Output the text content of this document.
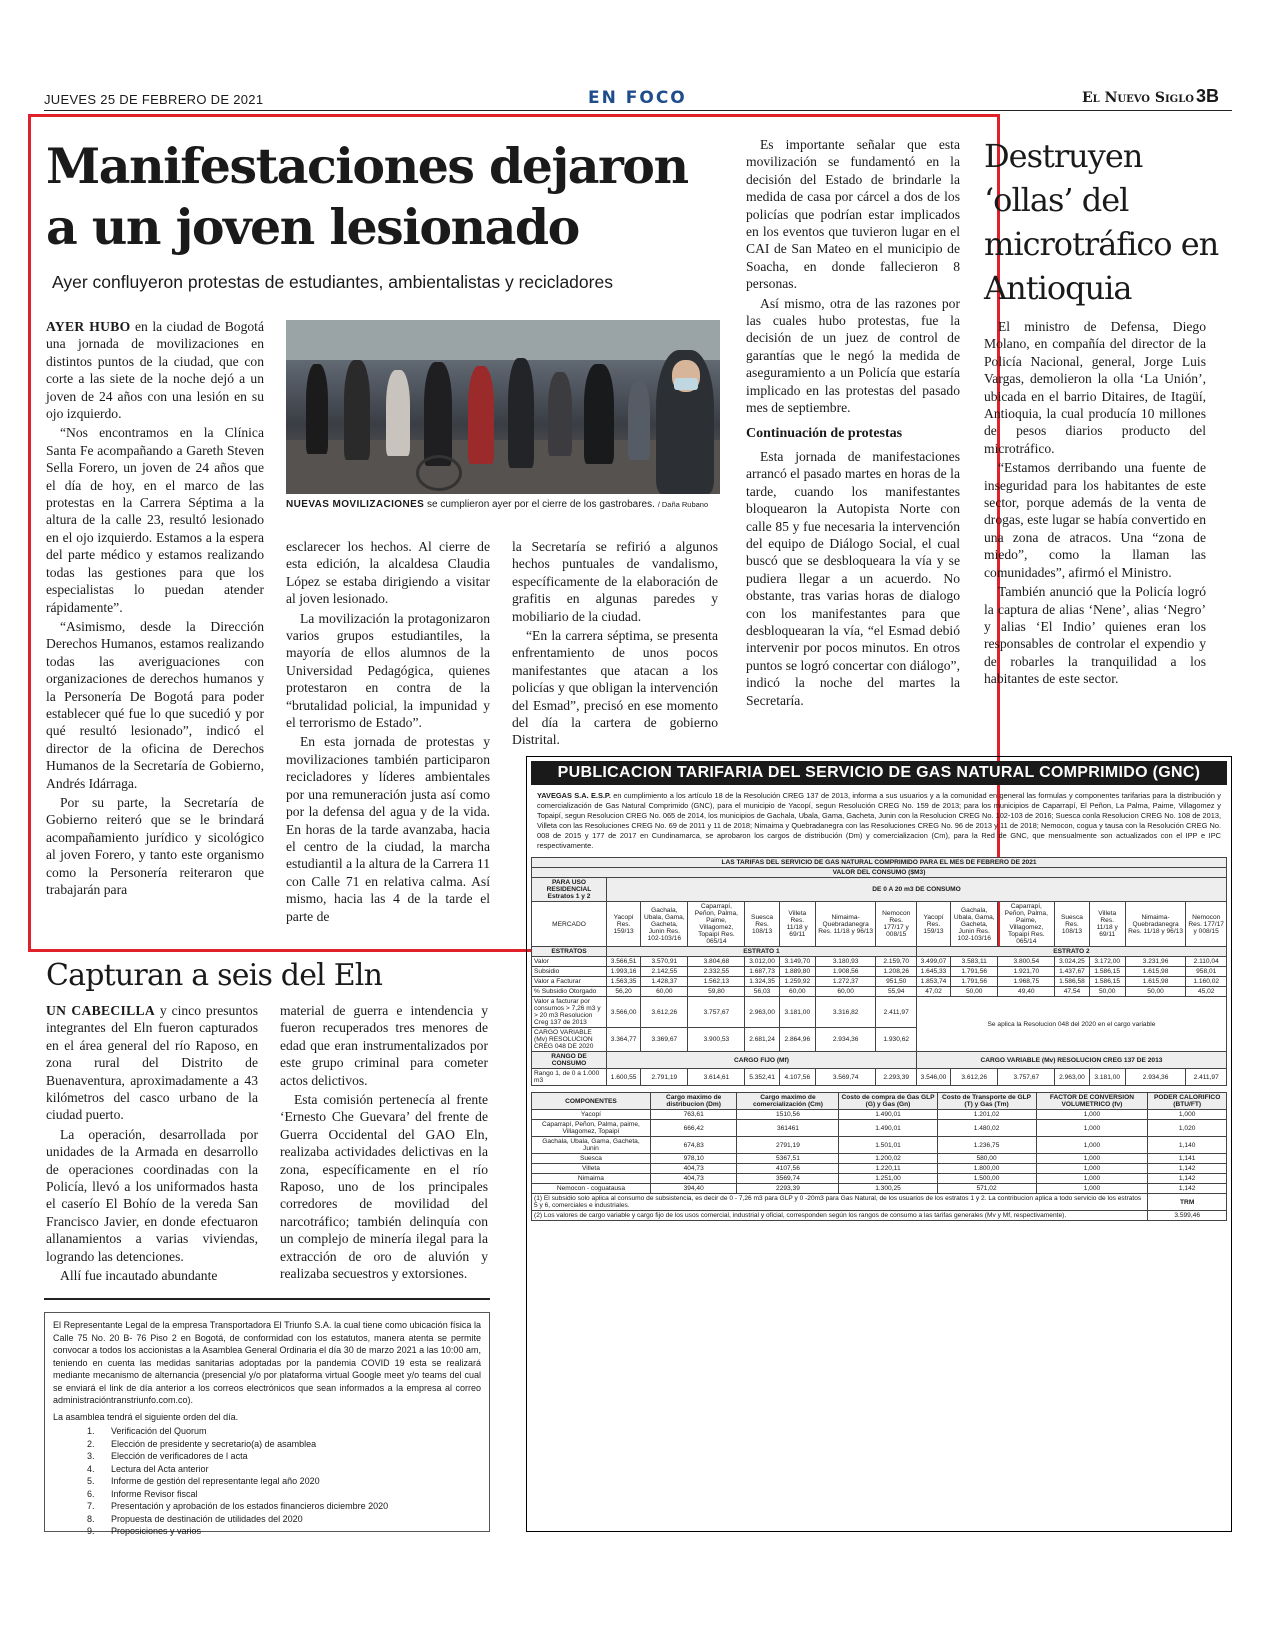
JUEVES 25 DE FEBRERO DE 2021	EN FOCO	El Nuevo Siglo 3B
Manifestaciones dejaron
a un joven lesionado
Ayer confluyeron protestas de estudiantes, ambientalistas y recicladores

AYER HUBO en la ciudad de Bogotá una jornada de movilizaciones en distintos puntos de la ciudad, que con corte a las siete de la noche dejó a un joven de 24 años con una lesión en su ojo izquierdo.

“Nos encontramos en la Clínica Santa Fe acompañando a Gareth Steven Sella Forero, un joven de 24 años que el día de hoy, en el marco de las protestas en la Carrera Séptima a la altura de la calle 23, resultó lesionado en el ojo izquierdo. Estamos a la espera del parte médico y estamos realizando todas las gestiones para que los especialistas lo puedan atender rápidamente”.

“Asimismo, desde la Dirección Derechos Humanos, estamos realizando todas las averiguaciones con organizaciones de derechos humanos y la Personería De Bogotá para poder establecer qué fue lo que sucedió y por qué resultó lesionado”, indicó el director de la oficina de Derechos Humanos de la Secretaría de Gobierno, Andrés Idárraga.

Por su parte, la Secretaría de Gobierno reiteró que se le brindará acompañamiento jurídico y sicológico al joven Forero, y tanto este organismo como la Personería reiteraron que trabajarán para

NUEVAS MOVILIZACIONES se cumplieron ayer por el cierre de los gastrobares. / Daña Rubano

esclarecer los hechos. Al cierre de esta edición, la alcaldesa Claudia López se estaba dirigiendo a visitar al joven lesionado.

La movilización la protagonizaron varios grupos estudiantiles, la mayoría de ellos alumnos de la Universidad Pedagógica, quienes protestaron en contra de la “brutalidad policial, la impunidad y el terrorismo de Estado”.

En esta jornada de protestas y movilizaciones también participaron recicladores y líderes ambientales por una remuneración justa así como por la defensa del agua y de la vida. En horas de la tarde avanzaba, hacia el centro de la ciudad, la marcha estudiantil a la altura de la Carrera 11 con Calle 71 en relativa calma. Así mismo, hacia las 4 de la tarde el parte de

la Secretaría se refirió a algunos hechos puntuales de vandalismo, específicamente de la elaboración de grafitis en algunas paredes y mobiliario de la ciudad.

“En la carrera séptima, se presenta enfrentamiento de unos pocos manifestantes que atacan a los policías y que obligan la intervención del Esmad”, precisó en ese momento del día la cartera de gobierno Distrital.

Es importante señalar que esta movilización se fundamentó en la decisión del Estado de brindarle la medida de casa por cárcel a dos de los policías que podrían estar implicados en los eventos que tuvieron lugar en el CAI de San Mateo en el municipio de Soacha, en donde fallecieron 8 personas.

Así mismo, otra de las razones por las cuales hubo protestas, fue la decisión de un juez de control de garantías que le negó la medida de aseguramiento a un Policía que estaría implicado en las protestas del pasado mes de septiembre.

Continuación de protestas

Esta jornada de manifestaciones arrancó el pasado martes en horas de la tarde, cuando los manifestantes bloquearon la Autopista Norte con calle 85 y fue necesaria la intervención del equipo de Diálogo Social, el cual buscó que se desbloqueara la vía y se pudiera llegar a un acuerdo. No obstante, tras varias horas de dialogo con los manifestantes para que desbloquearan la vía, “el Esmad debió intervenir por pocos minutos. En otros puntos se logró concertar con diálogo”, indicó la noche del martes la Secretaría.

Destruyen ‘ollas’ del microtráfico en Antioquia

El ministro de Defensa, Diego Molano, en compañía del director de la Policía Nacional, general, Jorge Luis Vargas, demolieron la olla ‘La Unión’, ubicada en el barrio Ditaires, de Itagüí, Antioquia, la cual producía 10 millones de pesos diarios producto del microtráfico.

“Estamos derribando una fuente de inseguridad para los habitantes de este sector, porque además de la venta de drogas, este lugar se había convertido en una zona de atracos. Una “zona de miedo”, como la llaman las comunidades”, afirmó el Ministro.

También anunció que la Policía logró la captura de alias ‘Nene’, alias ‘Negro’ y alias ‘El Indio’ quienes eran los responsables de controlar el expendio y de robarles la tranquilidad a los habitantes de este sector.

Capturan a seis del Eln

UN CABECILLA y cinco presuntos integrantes del Eln fueron capturados en el área general del río Raposo, en zona rural del Distrito de Buenaventura, aproximadamente a 43 kilómetros del casco urbano de la ciudad puerto.

La operación, desarrollada por unidades de la Armada en desarrollo de operaciones coordinadas con la Policía, llevó a los uniformados hasta el caserío El Bohío de la vereda San Francisco Javier, en donde efectuaron allanamientos a varias viviendas, logrando las detenciones.

Allí fue incautado abundante

material de guerra e intendencia y fueron recuperados tres menores de edad que eran instrumentalizados por este grupo criminal para cometer actos delictivos.

Esta comisión pertenecía al frente ‘Ernesto Che Guevara’ del frente de Guerra Occidental del GAO Eln, realizaba actividades delictivas en la zona, específicamente en el río Raposo, uno de los principales corredores de movilidad del narcotráfico; también delinquía con un complejo de minería ilegal para la extracción de oro de aluvión y realizaba secuestros y extorsiones.

El Representante Legal de la empresa Transportadora El Triunfo S.A. la cual tiene como ubicación física la Calle 75 No. 20 B- 76 Piso 2 en Bogotá, de conformidad con los estatutos, manera atenta se permite convocar a todos los accionistas a la Asamblea General Ordinaria el día 30 de marzo 2021 a las 10:00 am, teniendo en cuenta las medidas sanitarias adoptadas por la pandemia COVID 19 esta se realizará mediante mecanismo de alternancia (presencial y/o por plataforma virtual Google meet y/o teams del cual se enviará el link de día anterior a los correos electrónicos que sean informados a la empresa al correo administracióntranstriunfo.com.co).
La asamblea tendrá el siguiente orden del día.
1. Verificación del Quorum
2. Elección de presidente y secretario(a) de asamblea
3. Elección de verificadores de l acta
4. Lectura del Acta anterior
5. Informe de gestión del representante legal año 2020
6. Informe Revisor fiscal
7. Presentación y aprobación de los estados financieros diciembre 2020
8. Propuesta de destinación de utilidades del 2020
9. Proposiciones y varios
PUBLICACION TARIFARIA DEL SERVICIO DE GAS NATURAL COMPRIMIDO (GNC)
YAVEGAS S.A. E.S.P. en cumplimiento a los artículo 18 de la Resolución CREG 137 de 2013, informa a sus usuarios y a la comunidad en general las formulas y componentes tarifarias para la distribución y comercialización de Gas Natural Comprimido (GNC), para el municipio de Yacopí, segun Resolución CREG No. 159 de 2013; para los municipios de Caparrapí, El Peñon, La Palma, Paime, Villagomez y Topaipí, segun Resolucion CREG No. 065 de 2014, los municipios de Gachala, Ubala, Gama, Gacheta, Junin con la Resolucion CREG No. 102-103 de 2016; Suesca conla Resolucion CREG No. 108 de 2013, Villeta con las Resoluciones CREG No. 69 de 2011 y 11 de 2018; Nimaima y Quebradanegra con las Resoluciones CREG No. 96 de 2013 y 11 de 2018; Nemocon, cogua y tausa con la Resolución CREG No. 008 de 2015 y 177 de 2017 en Cundinamarca, se aprobaron los cargos de distribución (Dm) y comercializacion (Cm), para la Red de GNC, que mensualmente son actualizados con el IPP e IPC respectivamente.
LAS TARIFAS DEL SERVICIO DE GAS NATURAL COMPRIMIDO PARA EL MES DE FEBRERO DE 2021														
VALOR DEL CONSUMO ($M3)														
PARA USO RESIDENCIAL Estratos 1 y 2	DE 0 A 20 m3 DE CONSUMO													
MERCADO	Yacopí Res. 159/13	Gachala, Ubala, Gama, Gacheta, Junin Res. 102-103/16	Caparrapí, Peñon, Palma, Paime, Villagomez, Topaipí Res. 065/14	Suesca Res. 108/13	Villeta Res. 11/18 y 69/11	Nimaima-Quebradanegra Res. 11/18 y 96/13	Nemocon Res. 177/17 y 008/15	Yacopí Res. 159/13	Gachala, Ubala, Gama, Gacheta, Junin Res. 102-103/16	Caparrapí, Peñon, Palma, Paime, Villagomez, Topaipí Res. 065/14	Suesca Res. 108/13	Villeta Res. 11/18 y 69/11	Nimaima-Quebradanegra Res. 11/18 y 96/13	Nemocon Res. 177/17 y 008/15
ESTRATOS	ESTRATO 1							ESTRATO 2						
Valor	3.566,51	3.570,91	3.804,68	3.012,00	3.149,70	3.180,93	2.159,70	3.499,07	3.583,11	3.800,54	3.024,25	3.172,00	3.231,96	2.110,04
Subsidio	1.993,16	2.142,55	2.332,55	1.687,73	1.889,80	1.908,56	1.208,26	1.645,33	1.791,56	1.921,70	1.437,67	1.586,15	1.615,98	958,01
Valor a Facturar	1.563,35	1.428,37	1.562,13	1.324,35	1.259,92	1.272,37	951,50	1.853,74	1.791,56	1.968,75	1.586,58	1.586,15	1.615,98	1.160,02
% Subsidio Otorgado	56,20	60,00	59,80	56,03	60,00	60,00	55,94	47,02	50,00	49,40	47,54	50,00	50,00	45,02
Valor a facturar por consumos > 7,26 m3 y > 20 m3 Resolucion Creg 137 de 2013	3.566,00	3.612,26	3.757,67	2.963,00	3.181,00	3.316,82	2.411,97	Se aplica la Resolucion 048 del 2020 en el cargo variable						
CARGO VARIABLE (Mv) RESOLUCION CREG 048 DE 2020	3.364,77	3.369,67	3.900,53	2.681,24	2.864,96	2.934,36	1.930,62							
RANGO DE CONSUMO	CARGO FIJO (Mf)							CARGO VARIABLE (Mv) RESOLUCION CREG 137 DE 2013						
Rango 1, de 0 a 1.000 m3	1.600,55	2.791,19	3.614,61	5.352,41	4.107,56	3.569,74	2.293,39	3.546,00	3.612,26	3.757,67	2.963,00	3.181,00	2.934,36	2.411,97
COMPONENTES	Cargo maximo de distribucion (Dm)	Cargo maximo de comercialización (Cm)	Costo de compra de Gas GLP (G) y Gas (Gn)	Costo de Transporte de GLP (T) y Gas (Tm)	FACTOR DE CONVERSION VOLUMETRICO (fv)	PODER CALORIFICO (BTU/FT)
Yacopí	763,61	1510,56	1.490,01	1.201,02	1,000	1,000
Caparrapí, Peñon, Palma, paime, Villagomez, Topaipí	666,42	361461	1.490,01	1.480,02	1,000	1,020
Gachala, Ubala, Gama, Gacheta, Junin	674,83	2791,19	1.501,01	1.236,75	1,000	1,140
Suesca	978,10	5367,51	1.200,02	580,00	1,000	1,141
Villeta	404,73	4107,56	1.220,11	1.800,00	1,000	1,142
Nimaima	404,73	3569,74	1.251,00	1.500,00	1,000	1,142
Nemocon - coguatausa	394,40	2293,39	1.300,25	571,02	1,000	1,142
(1) El subsidio solo aplica al consumo de subsistencia, es decir de 0 - 7,26 m3 para GLP y 0 -20m3 para Gas Natural, de los usuarios de los estratos 1 y 2. La contribucion aplica a todo servicio de los estratos 5 y 6, comerciales e industriales.						TRM
(2) Los valores de cargo variable y cargo fijo de los usos comercial, industrial y oficial, corresponden según los rangos de consumo a las tarifas generales (Mv y Mf, respectivamente).						3.599,46
